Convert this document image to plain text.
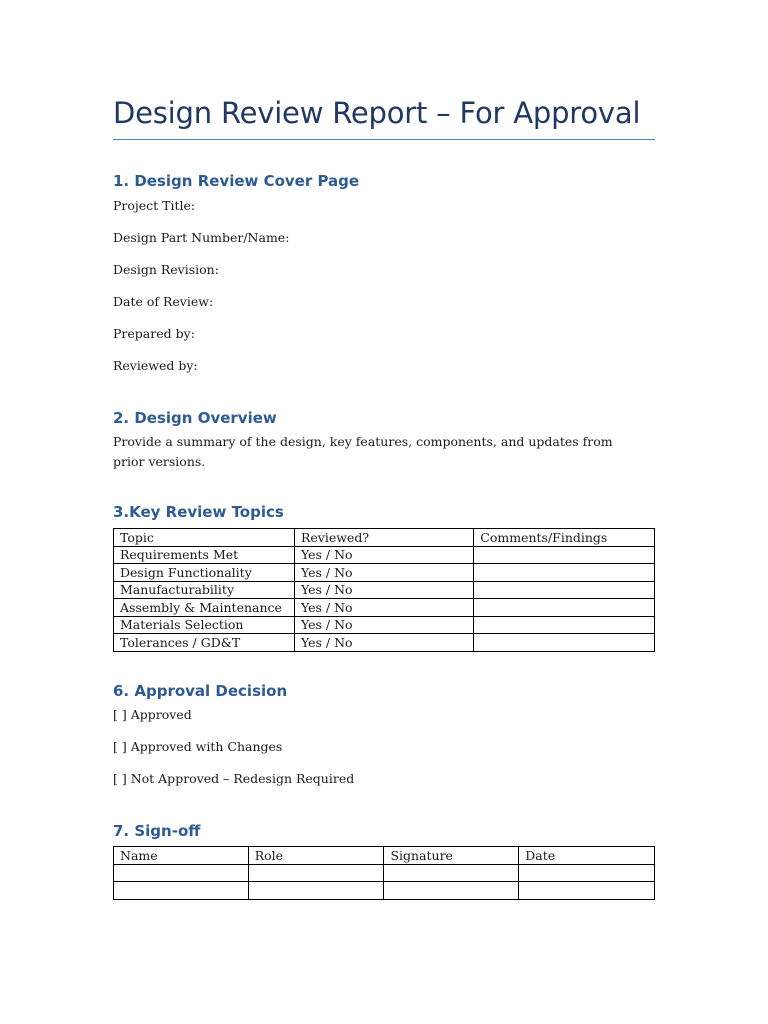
Design Review Report – For Approval
1. Design Review Cover Page
Project Title:
Design Part Number/Name:
Design Revision:
Date of Review:
Prepared by:
Reviewed by:
2. Design Overview
Provide a summary of the design, key features, components, and updates from prior versions.
3.Key Review Topics
Topic	Reviewed?	Comments/Findings
Requirements Met	Yes / No	
Design Functionality	Yes / No	
Manufacturability	Yes / No	
Assembly & Maintenance	Yes / No	
Materials Selection	Yes / No	
Tolerances / GD&T	Yes / No	
6. Approval Decision
[ ] Approved
[ ] Approved with Changes
[ ] Not Approved – Redesign Required
7. Sign-off
Name	Role	Signature	Date
